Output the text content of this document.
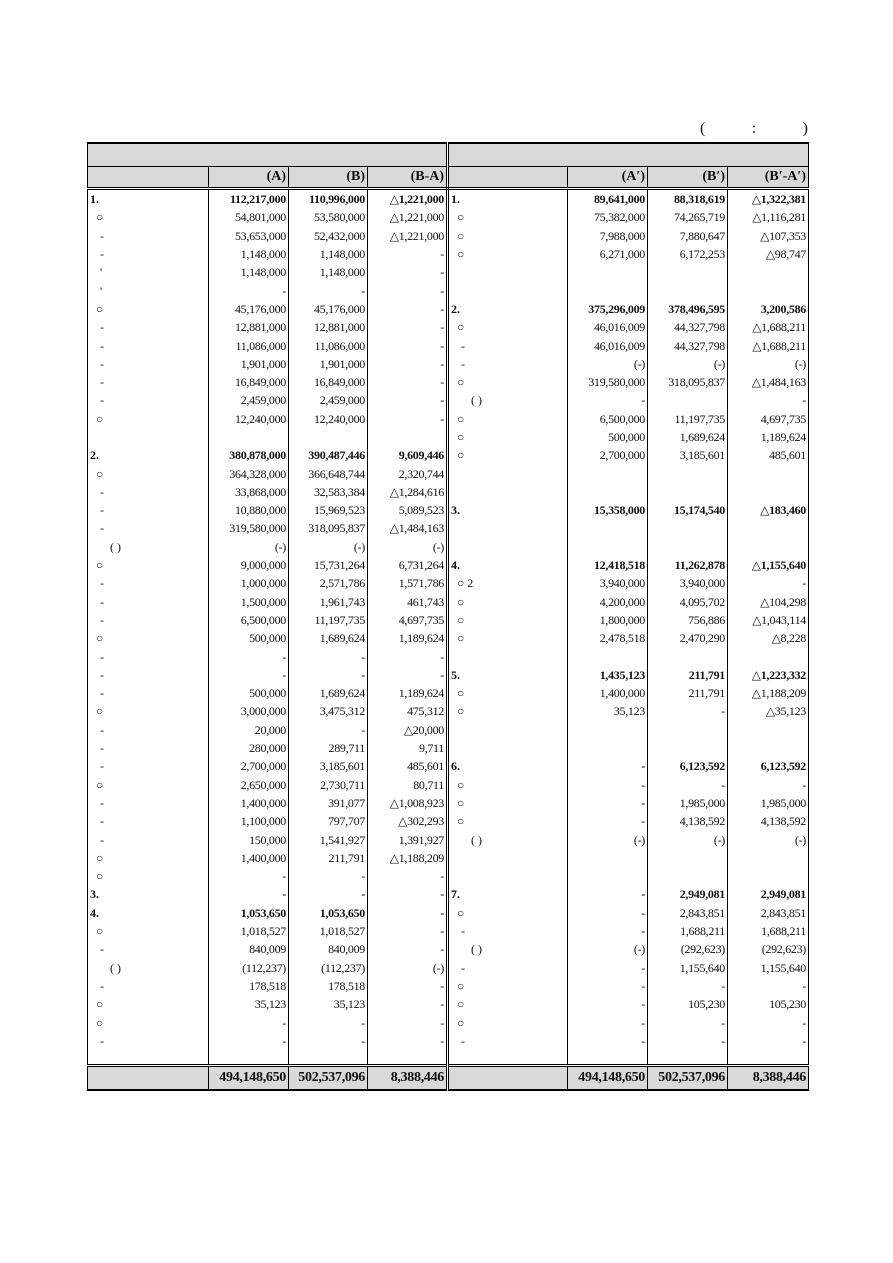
(	:	)

	(A)	(B)	(B-A)		(A′)	(B′)	(B′-A′)
1.	112,217,000	110,996,000	△1,221,000	1.	89,641,000	88,318,619	△1,322,381
○	54,801,000	53,580,000	△1,221,000	○	75,382,000	74,265,719	△1,116,281
-	53,653,000	52,432,000	△1,221,000	○	7,988,000	7,880,647	△107,353
-	1,148,000	1,148,000	-	○	6,271,000	6,172,253	△98,747
'	1,148,000	1,148,000	-				
'	-	-	-				
○	45,176,000	45,176,000	-	2.	375,296,009	378,496,595	3,200,586
-	12,881,000	12,881,000	-	○	46,016,009	44,327,798	△1,688,211
-	11,086,000	11,086,000	-	-	46,016,009	44,327,798	△1,688,211
-	1,901,000	1,901,000	-	-	(-)	(-)	(-)
-	16,849,000	16,849,000	-	○	319,580,000	318,095,837	△1,484,163
-	2,459,000	2,459,000	-	( )	-		-
○	12,240,000	12,240,000	-	○	6,500,000	11,197,735	4,697,735
				○	500,000	1,689,624	1,189,624
2.	380,878,000	390,487,446	9,609,446	○	2,700,000	3,185,601	485,601
○	364,328,000	366,648,744	2,320,744				
-	33,868,000	32,583,384	△1,284,616				
-	10,880,000	15,969,523	5,089,523	3.	15,358,000	15,174,540	△183,460
-	319,580,000	318,095,837	△1,484,163				
( )	(-)	(-)	(-)				
○	9,000,000	15,731,264	6,731,264	4.	12,418,518	11,262,878	△1,155,640
-	1,000,000	2,571,786	1,571,786	○ 2	3,940,000	3,940,000	-
-	1,500,000	1,961,743	461,743	○	4,200,000	4,095,702	△104,298
-	6,500,000	11,197,735	4,697,735	○	1,800,000	756,886	△1,043,114
○	500,000	1,689,624	1,189,624	○	2,478,518	2,470,290	△8,228
-	-	-	-				
-	-	-	-	5.	1,435,123	211,791	△1,223,332
-	500,000	1,689,624	1,189,624	○	1,400,000	211,791	△1,188,209
○	3,000,000	3,475,312	475,312	○	35,123	-	△35,123
-	20,000	-	△20,000				
-	280,000	289,711	9,711				
-	2,700,000	3,185,601	485,601	6.	-	6,123,592	6,123,592
○	2,650,000	2,730,711	80,711	○	-	-	-
-	1,400,000	391,077	△1,008,923	○	-	1,985,000	1,985,000
-	1,100,000	797,707	△302,293	○	-	4,138,592	4,138,592
-	150,000	1,541,927	1,391,927	( )	(-)	(-)	(-)
○	1,400,000	211,791	△1,188,209				
○	-	-	-				
3.	-	-	-	7.	-	2,949,081	2,949,081
4.	1,053,650	1,053,650	-	○	-	2,843,851	2,843,851
○	1,018,527	1,018,527	-	-	-	1,688,211	1,688,211
-	840,009	840,009	-	( )	(-)	(292,623)	(292,623)
( )	(112,237)	(112,237)	(-)	-	-	1,155,640	1,155,640
-	178,518	178,518	-	○	-	-	-
○	35,123	35,123	-	○	-	105,230	105,230
○	-	-	-	○	-	-	-
-	-	-	-	-	-	-	-

	494,148,650	502,537,096	8,388,446		494,148,650	502,537,096	8,388,446
